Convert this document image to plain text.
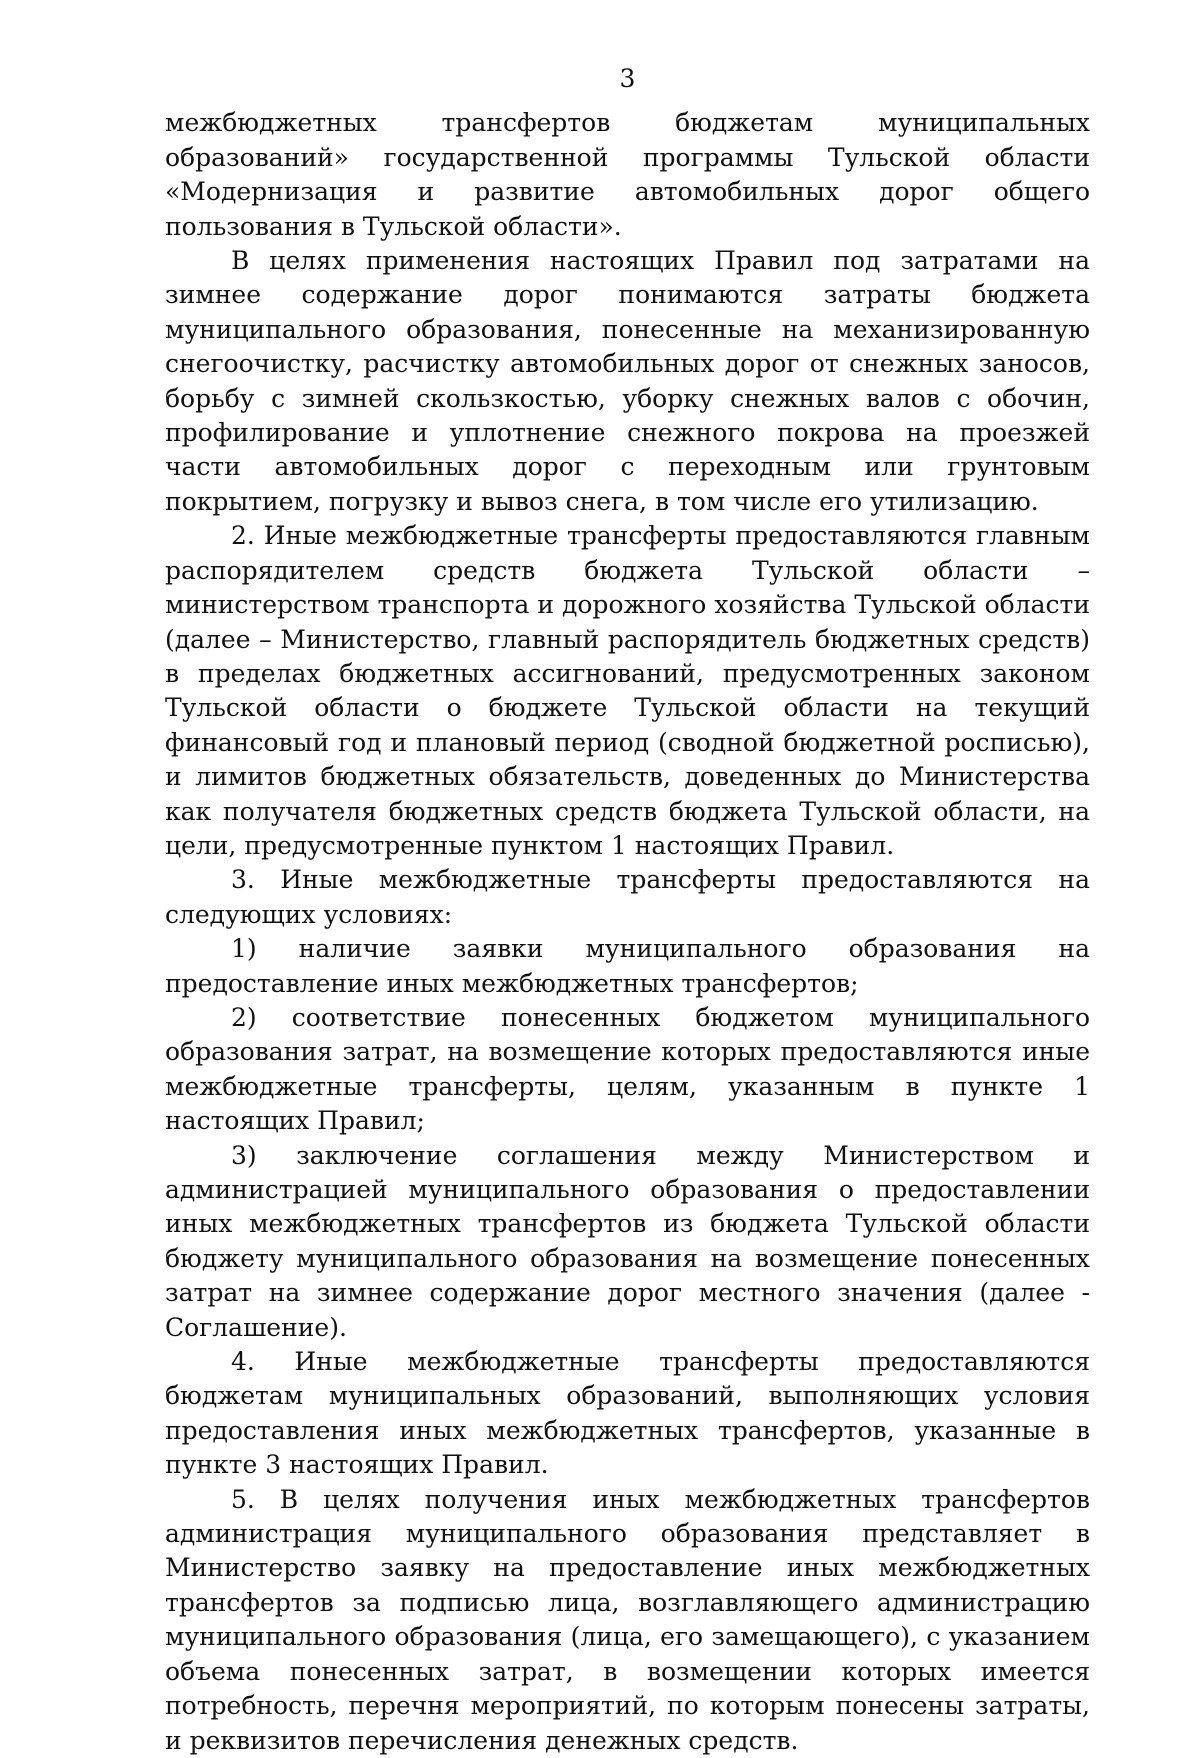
3

межбюджетных трансфертов бюджетам муниципальных образований» государственной программы Тульской области «Модернизация и развитие автомобильных дорог общего пользования в Тульской области».

В целях применения настоящих Правил под затратами на зимнее содержание дорог понимаются затраты бюджета муниципального образования, понесенные на механизированную снегоочистку, расчистку автомобильных дорог от снежных заносов, борьбу с зимней скользкостью, уборку снежных валов с обочин, профилирование и уплотнение снежного покрова на проезжей части автомобильных дорог с переходным или грунтовым покрытием, погрузку и вывоз снега, в том числе его утилизацию.

2. Иные межбюджетные трансферты предоставляются главным распорядителем средств бюджета Тульской области – министерством транспорта и дорожного хозяйства Тульской области (далее – Министерство, главный распорядитель бюджетных средств) в пределах бюджетных ассигнований, предусмотренных законом Тульской области о бюджете Тульской области на текущий финансовый год и плановый период (сводной бюджетной росписью), и лимитов бюджетных обязательств, доведенных до Министерства как получателя бюджетных средств бюджета Тульской области, на цели, предусмотренные пунктом 1 настоящих Правил.

3. Иные межбюджетные трансферты предоставляются на следующих условиях:

1) наличие заявки муниципального образования на предоставление иных межбюджетных трансфертов;

2) соответствие понесенных бюджетом муниципального образования затрат, на возмещение которых предоставляются иные межбюджетные трансферты, целям, указанным в пункте 1 настоящих Правил;

3) заключение соглашения между Министерством и администрацией муниципального образования о предоставлении иных межбюджетных трансфертов из бюджета Тульской области бюджету муниципального образования на возмещение понесенных затрат на зимнее содержание дорог местного значения (далее - Соглашение).

4. Иные межбюджетные трансферты предоставляются бюджетам муниципальных образований, выполняющих условия предоставления иных межбюджетных трансфертов, указанные в пункте 3 настоящих Правил.

5. В целях получения иных межбюджетных трансфертов администрация муниципального образования представляет в Министерство заявку на предоставление иных межбюджетных трансфертов за подписью лица, возглавляющего администрацию муниципального образования (лица, его замещающего), с указанием объема понесенных затрат, в возмещении которых имеется потребность, перечня мероприятий, по которым понесены затраты, и реквизитов перечисления денежных средств.
